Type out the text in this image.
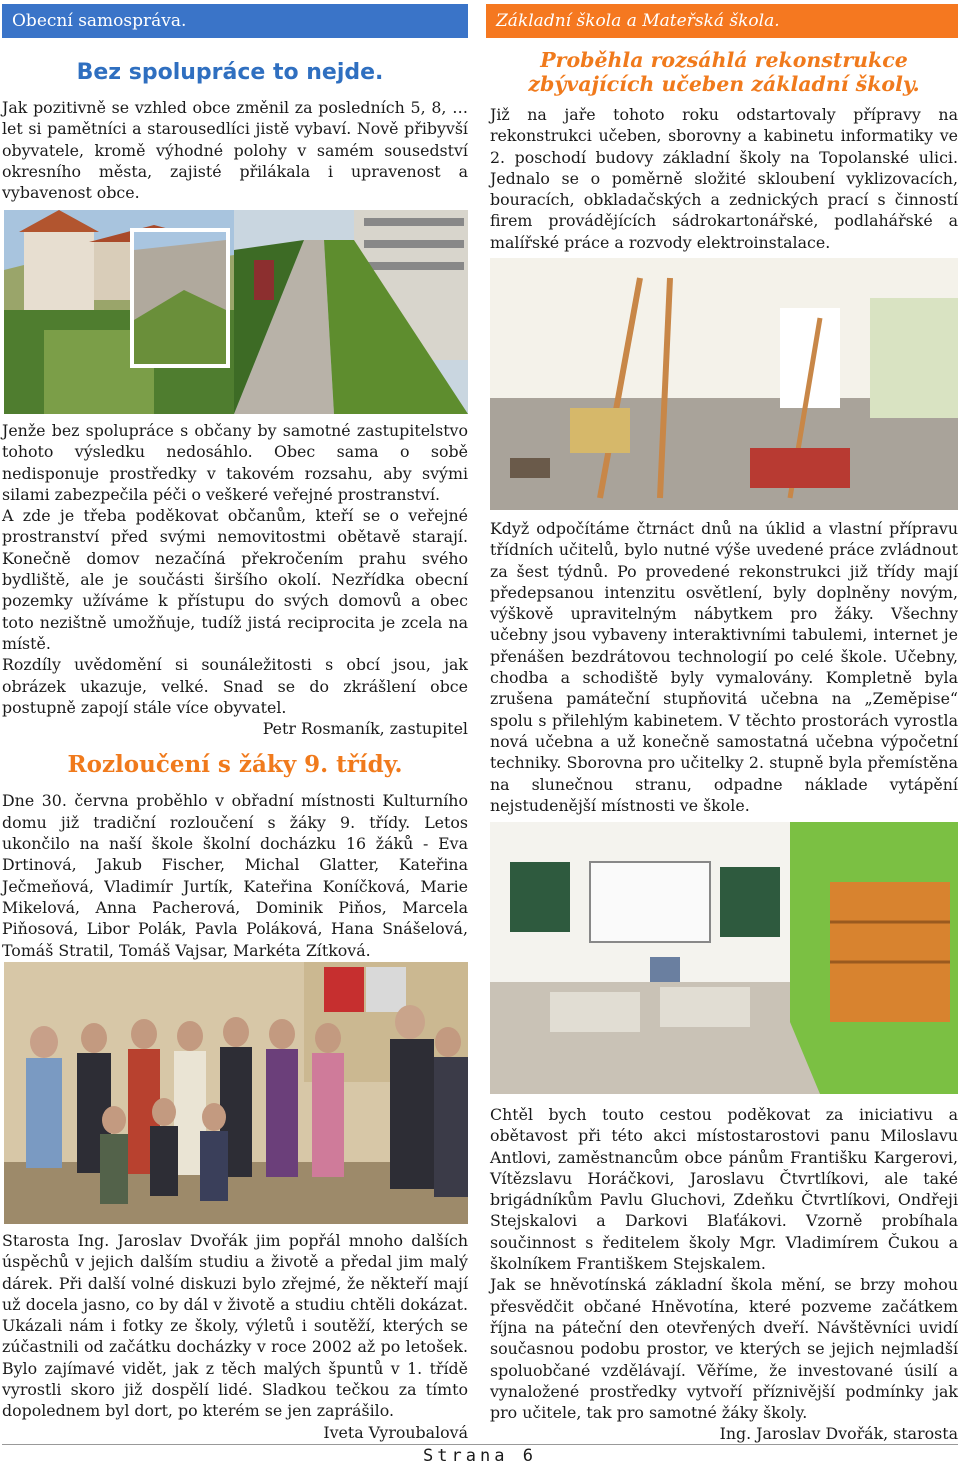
Obecní samospráva.	Základní škola a Mateřská škola.
Bez spolupráce to nejde.

Jak pozitivně se vzhled obce změnil za posledních 5, 8, … let si pamětníci a starousedlíci jistě vybaví. Nově přibyvší obyvatele, kromě výhodné polohy v samém sousedství okresního města, zajisté přilákala i upravenost a vybavenost obce.

Jenže bez spolupráce s občany by samotné zastupitelstvo tohoto výsledku nedosáhlo. Obec sama o sobě nedisponuje prostředky v takovém rozsahu, aby svými silami zabezpečila péči o veškeré veřejné prostranství.

A zde je třeba poděkovat občanům, kteří se o veřejné prostranství před svými nemovitostmi obětavě starají. Konečně domov nezačíná překročením prahu svého bydliště, ale je součásti širšího okolí. Nezřídka obecní pozemky užíváme k přístupu do svých domovů a obec toto nezištně umožňuje, tudíž jistá reciprocita je zcela na místě.

Rozdíly uvědomění si sounáležitosti s obcí jsou, jak obrázek ukazuje, velké. Snad se do zkrášlení obce postupně zapojí stále více obyvatel.

Petr Rosmaník, zastupitel

Rozloučení s žáky 9. třídy.

Dne 30. června proběhlo v obřadní místnosti Kulturního domu již tradiční rozloučení s žáky 9. třídy. Letos ukončilo na naší škole školní docházku 16 žáků - Eva Drtinová, Jakub Fischer, Michal Glatter, Kateřina Ječmeňová, Vladimír Jurtík, Kateřina Koníčková, Marie Mikelová, Anna Pacherová, Dominik Piňos, Marcela Piňosová, Libor Polák, Pavla Poláková, Hana Snášelová, Tomáš Stratil, Tomáš Vajsar, Markéta Zítková.

Starosta Ing. Jaroslav Dvořák jim popřál mnoho dalších úspěchů v jejich dalším studiu a životě a předal jim malý dárek. Při další volné diskuzi bylo zřejmé, že někteří mají už docela jasno, co by dál v životě a studiu chtěli dokázat. Ukázali nám i fotky ze školy, výletů i soutěží, kterých se zúčastnili od začátku docházky v roce 2002 až po letošek. Bylo zajímavé vidět, jak z těch malých špuntů v 1. třídě vyrostli skoro již dospělí lidé. Sladkou tečkou za tímto dopolednem byl dort, po kterém se jen zaprášilo.

Iveta Vyroubalová

Proběhla rozsáhlá rekonstrukce zbývajících učeben základní školy.

Již na jaře tohoto roku odstartovaly přípravy na rekonstrukci učeben, sborovny a kabinetu informatiky ve 2. poschodí budovy základní školy na Topolanské ulici. Jednalo se o poměrně složité skloubení vyklizovacích, bouracích, obkladačských a zednických prací s činností firem provádějících sádrokartonářské, podlahářské a malířské práce a rozvody elektroinstalace.

Když odpočítáme čtrnáct dnů na úklid a vlastní přípravu třídních učitelů, bylo nutné výše uvedené práce zvládnout za šest týdnů. Po provedené rekonstrukci již třídy mají předepsanou intenzitu osvětlení, byly doplněny novým, výškově upravitelným nábytkem pro žáky. Všechny učebny jsou vybaveny interaktivními tabulemi, internet je přenášen bezdrátovou technologií po celé škole. Učebny, chodba a schodiště byly vymalovány. Kompletně byla zrušena památeční stupňovitá učebna na „Zeměpise“ spolu s přilehlým kabinetem. V těchto prostorách vyrostla nová učebna a už konečně samostatná učebna výpočetní techniky. Sborovna pro učitelky 2. stupně byla přemístěna na slunečnou stranu, odpadne náklade vytápění nejstudenější místnosti ve škole.

Chtěl bych touto cestou poděkovat za iniciativu a obětavost při této akci místostarostovi panu Miloslavu Antlovi, zaměstnancům obce pánům Františku Kargerovi, Vítězslavu Horáčkovi, Jaroslavu Čtvrtlíkovi, ale také brigádníkům Pavlu Gluchovi, Zdeňku Čtvrtlíkovi, Ondřeji Stejskalovi a Darkovi Blaťákovi. Vzorně probíhala součinnost s ředitelem školy Mgr. Vladimírem Čukou a školníkem Františkem Stejskalem.

Jak se hněvotínská základní škola mění, se brzy mohou přesvědčit občané Hněvotína, které pozveme začátkem října na páteční den otevřených dveří. Návštěvníci uvidí současnou podobu prostor, ve kterých se jejich nejmladší spoluobčané vzdělávají. Věříme, že investované úsilí a vynaložené prostředky vytvoří příznivější podmínky jak pro učitele, tak pro samotné žáky školy.

Ing. Jaroslav Dvořák, starosta

Strana 6
